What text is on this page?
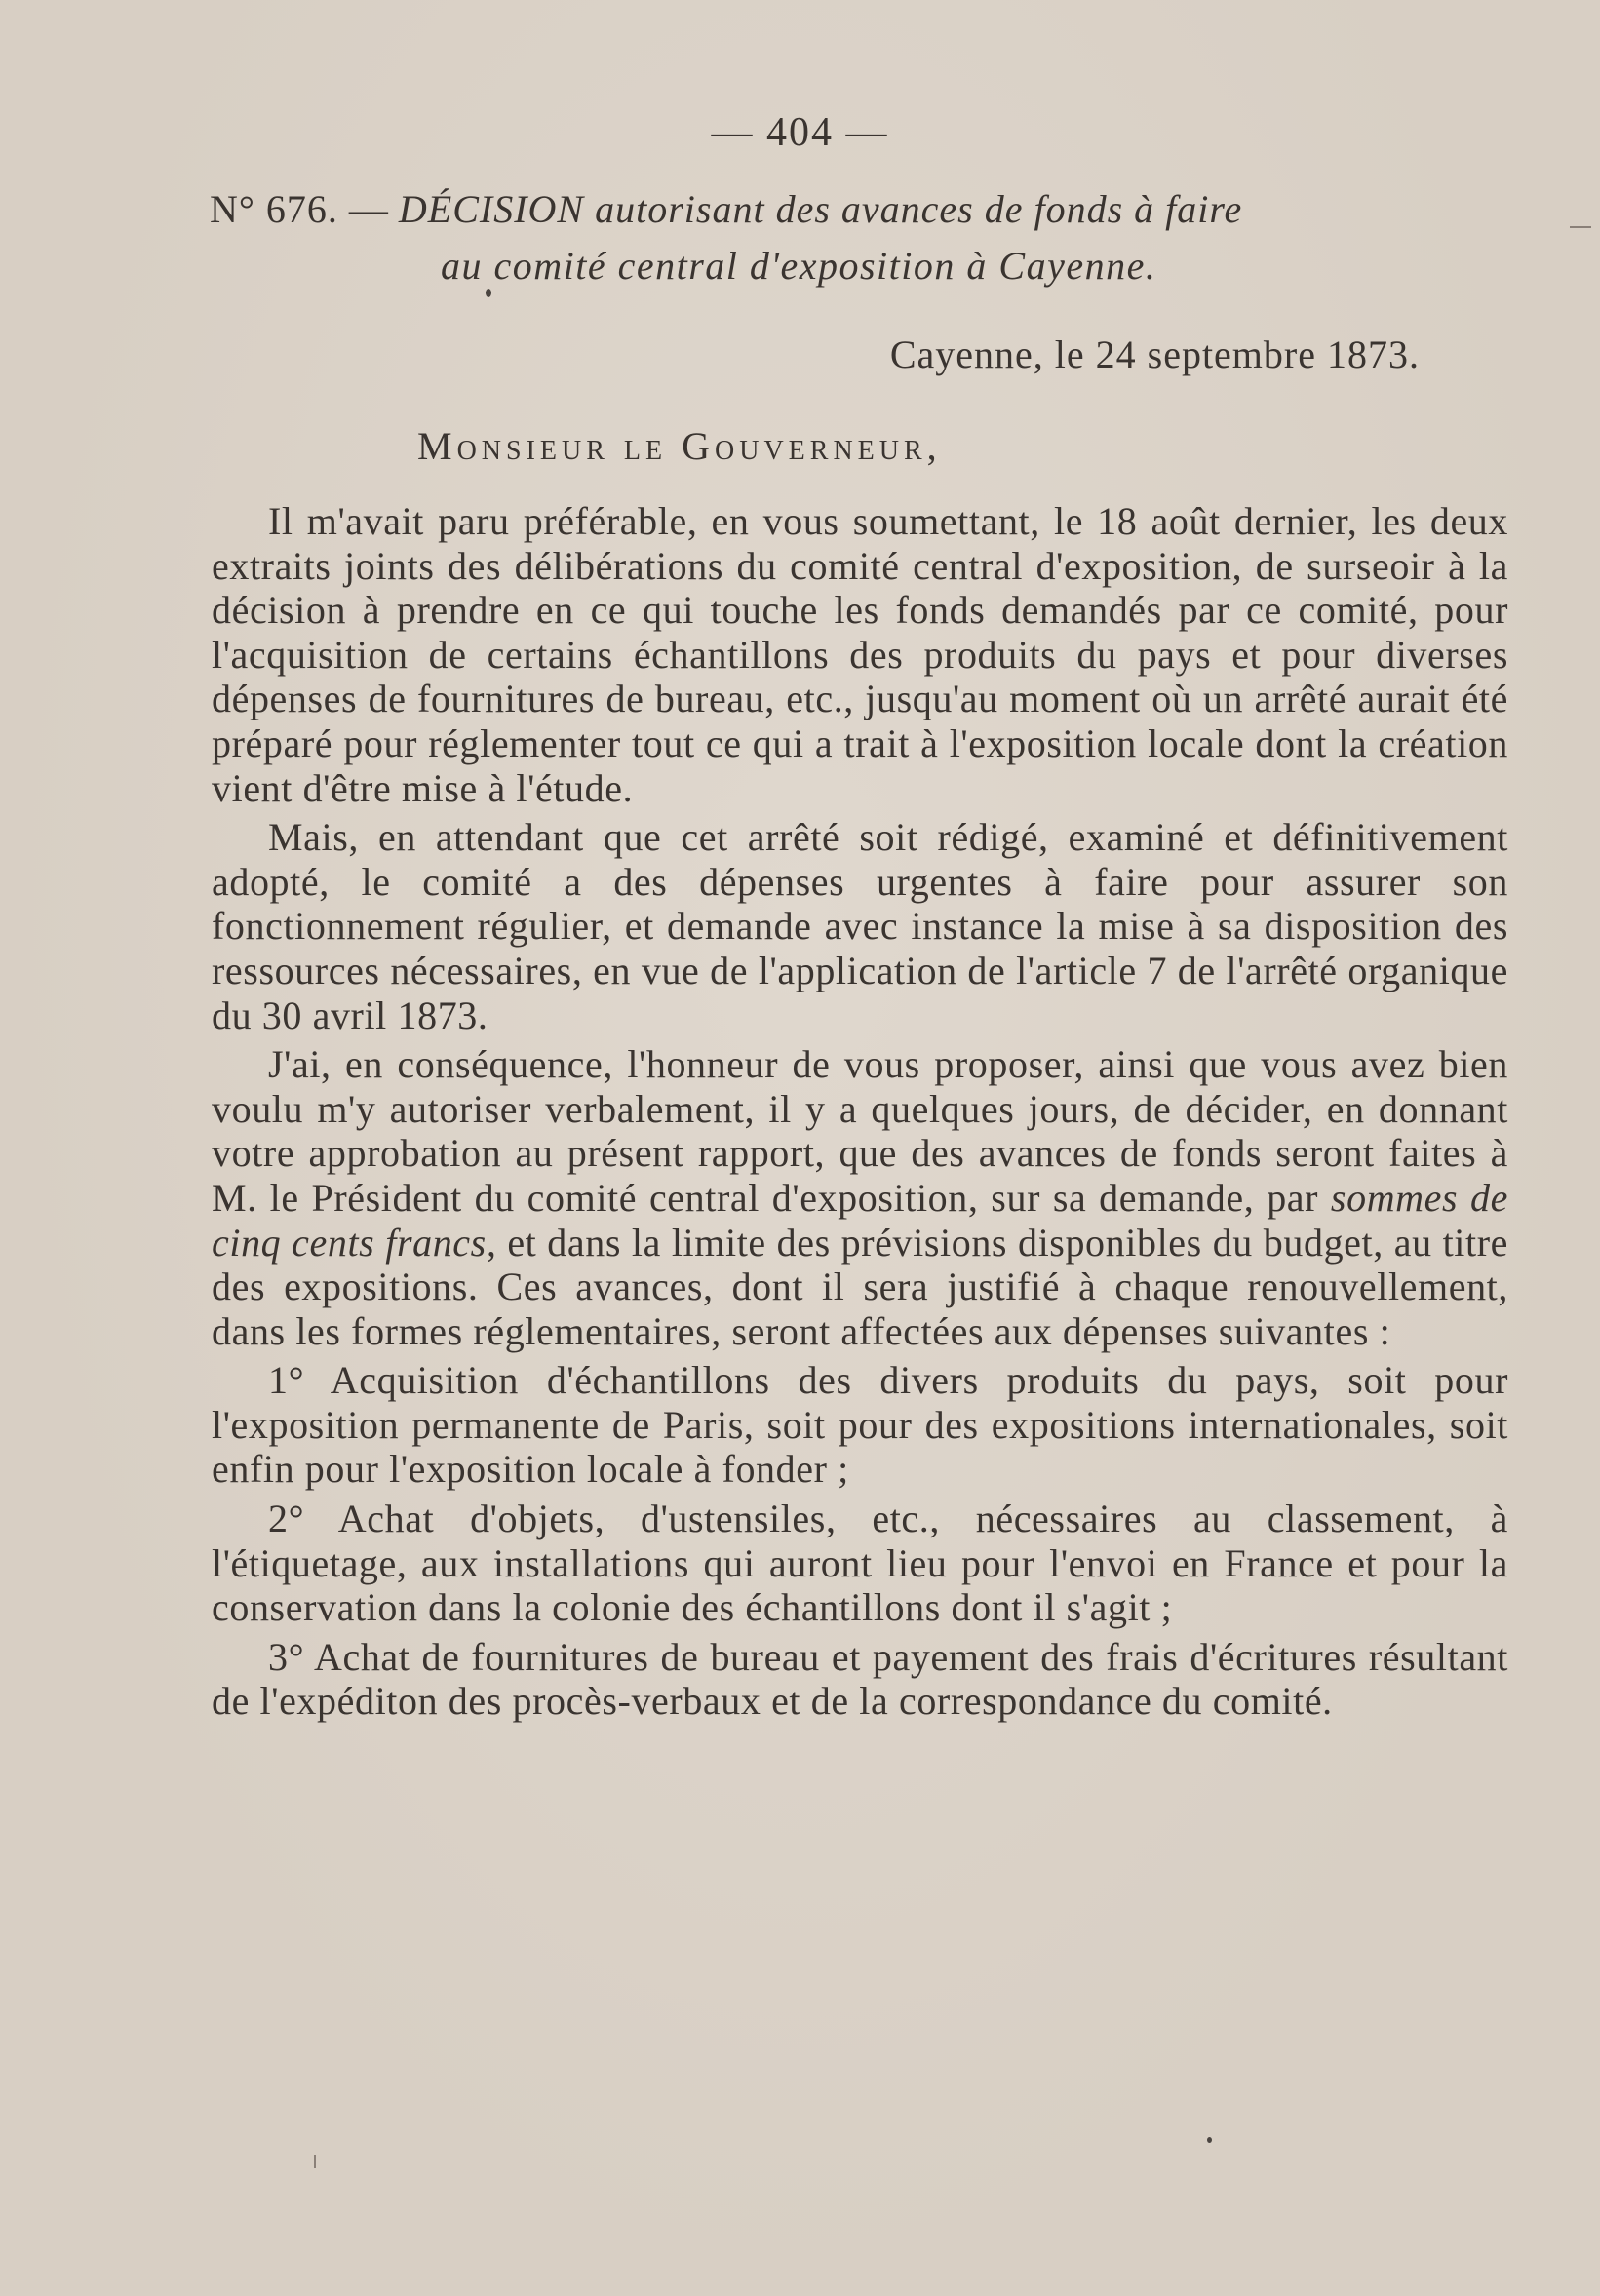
— 404 —
N° 676. — DÉCISION autorisant des avances de fonds à faire
au comité central d'exposition à Cayenne.
Cayenne, le 24 septembre 1873.
Monsieur le Gouverneur,

Il m'avait paru préférable, en vous soumettant, le 18 août dernier, les deux extraits joints des délibérations du comité central d'exposition, de surseoir à la décision à prendre en ce qui touche les fonds demandés par ce comité, pour l'acquisition de certains échantillons des produits du pays et pour diverses dépenses de fournitures de bureau, etc., jusqu'au moment où un arrêté aurait été préparé pour réglementer tout ce qui a trait à l'exposition locale dont la création vient d'être mise à l'étude.

Mais, en attendant que cet arrêté soit rédigé, examiné et définitivement adopté, le comité a des dépenses urgentes à faire pour assurer son fonctionnement régulier, et demande avec instance la mise à sa disposition des ressources nécessaires, en vue de l'application de l'article 7 de l'arrêté organique du 30 avril 1873.

J'ai, en conséquence, l'honneur de vous proposer, ainsi que vous avez bien voulu m'y autoriser verbalement, il y a quelques jours, de décider, en donnant votre approbation au présent rapport, que des avances de fonds seront faites à M. le Président du comité central d'exposition, sur sa demande, par sommes de cinq cents francs, et dans la limite des prévisions disponibles du budget, au titre des expositions. Ces avances, dont il sera justifié à chaque renouvellement, dans les formes réglementaires, seront affectées aux dépenses suivantes :

1° Acquisition d'échantillons des divers produits du pays, soit pour l'exposition permanente de Paris, soit pour des expositions internationales, soit enfin pour l'exposition locale à fonder ;

2° Achat d'objets, d'ustensiles, etc., nécessaires au classement, à l'étiquetage, aux installations qui auront lieu pour l'envoi en France et pour la conservation dans la colonie des échantillons dont il s'agit ;

3° Achat de fournitures de bureau et payement des frais d'écritures résultant de l'expéditon des procès-verbaux et de la correspondance du comité.
